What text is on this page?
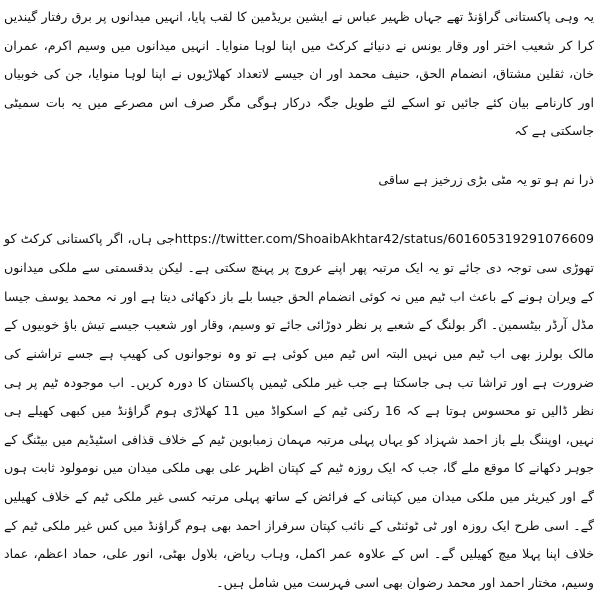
یہ وہی پاکستانی گراؤنڈ تھے جہاں ظہیر عباس نے ایشین بریڈمین کا لقب پایا، انہیں میدانوں پر برق رفتار گیندیں کرا کر شعیب اختر اور وقار یونس نے دنیائے کرکٹ میں اپنا لوہا منوایا۔ انہیں میدانوں میں وسیم اکرم، عمران خان، ثقلین مشتاق، انضمام الحق، حنیف محمد اور ان جیسے لاتعداد کھلاڑیوں نے اپنا لوہا منوایا، جن کی خوبیاں اور کارنامے بیان کئے جائیں تو اسکے لئے طویل جگہ درکار ہوگی مگر صرف اس مصرعے میں یہ بات سمیٹی جاسکتی ہے کہ

ذرا نم ہو تو یہ مٹی بڑی زرخیز ہے ساقی

https://twitter.com/ShoaibAkhtar42/status/601605319291076609جی ہاں، اگر پاکستانی کرکٹ کو تھوڑی سی توجہ دی جائے تو یہ ایک مرتبہ پھر اپنے عروج پر پہنچ سکتی ہے۔ لیکن بدقسمتی سے ملکی میدانوں کے ویران ہونے کے باعث اب ٹیم میں نہ کوئی انضمام الحق جیسا بلے باز دکھائی دیتا ہے اور نہ محمد یوسف جیسا مڈل آرڈر بیٹسمین۔ اگر بولنگ کے شعبے پر نظر دوڑائی جائے تو وسیم، وقار اور شعیب جیسے تیش باؤ خوبیوں کے مالک بولرز بھی اب ٹیم میں نہیں البتہ اس ٹیم میں کوئی ہے تو وہ نوجوانوں کی کھیپ ہے جسے تراشنے کی ضرورت ہے اور تراشا تب ہی جاسکتا ہے جب غیر ملکی ٹیمیں پاکستان کا دورہ کریں۔ اب موجودہ ٹیم پر ہی نظر ڈالیں تو محسوس ہوتا ہے کہ 16 رکنی ٹیم کے اسکواڈ میں 11 کھلاڑی ہوم گراؤنڈ میں کبھی کھیلے ہی نہیں، اوپننگ بلے باز احمد شہزاد کو یہاں پہلی مرتبہ مہمان زمبابوین ٹیم کے خلاف قذافی اسٹیڈیم میں بیٹنگ کے جوہر دکھانے کا موقع ملے گا، جب کہ ایک روزہ ٹیم کے کپتان اظہر علی بھی ملکی میدان میں نومولود ثابت ہوں گے اور کیریئر میں ملکی میدان میں کپتانی کے فرائض کے ساتھ پہلی مرتبہ کسی غیر ملکی ٹیم کے خلاف کھیلیں گے۔ اسی طرح ایک روزہ اور ٹی ٹوئنٹی کے نائب کپتان سرفراز احمد بھی ہوم گراؤنڈ میں کس غیر ملکی ٹیم کے خلاف اپنا پہلا میچ کھیلیں گے۔ اس کے علاوہ عمر اکمل، وہاب ریاض، بلاول بھٹی، انور علی، حماد اعظم، عماد وسیم، مختار احمد اور محمد رضوان بھی اسی فہرست میں شامل ہیں۔
